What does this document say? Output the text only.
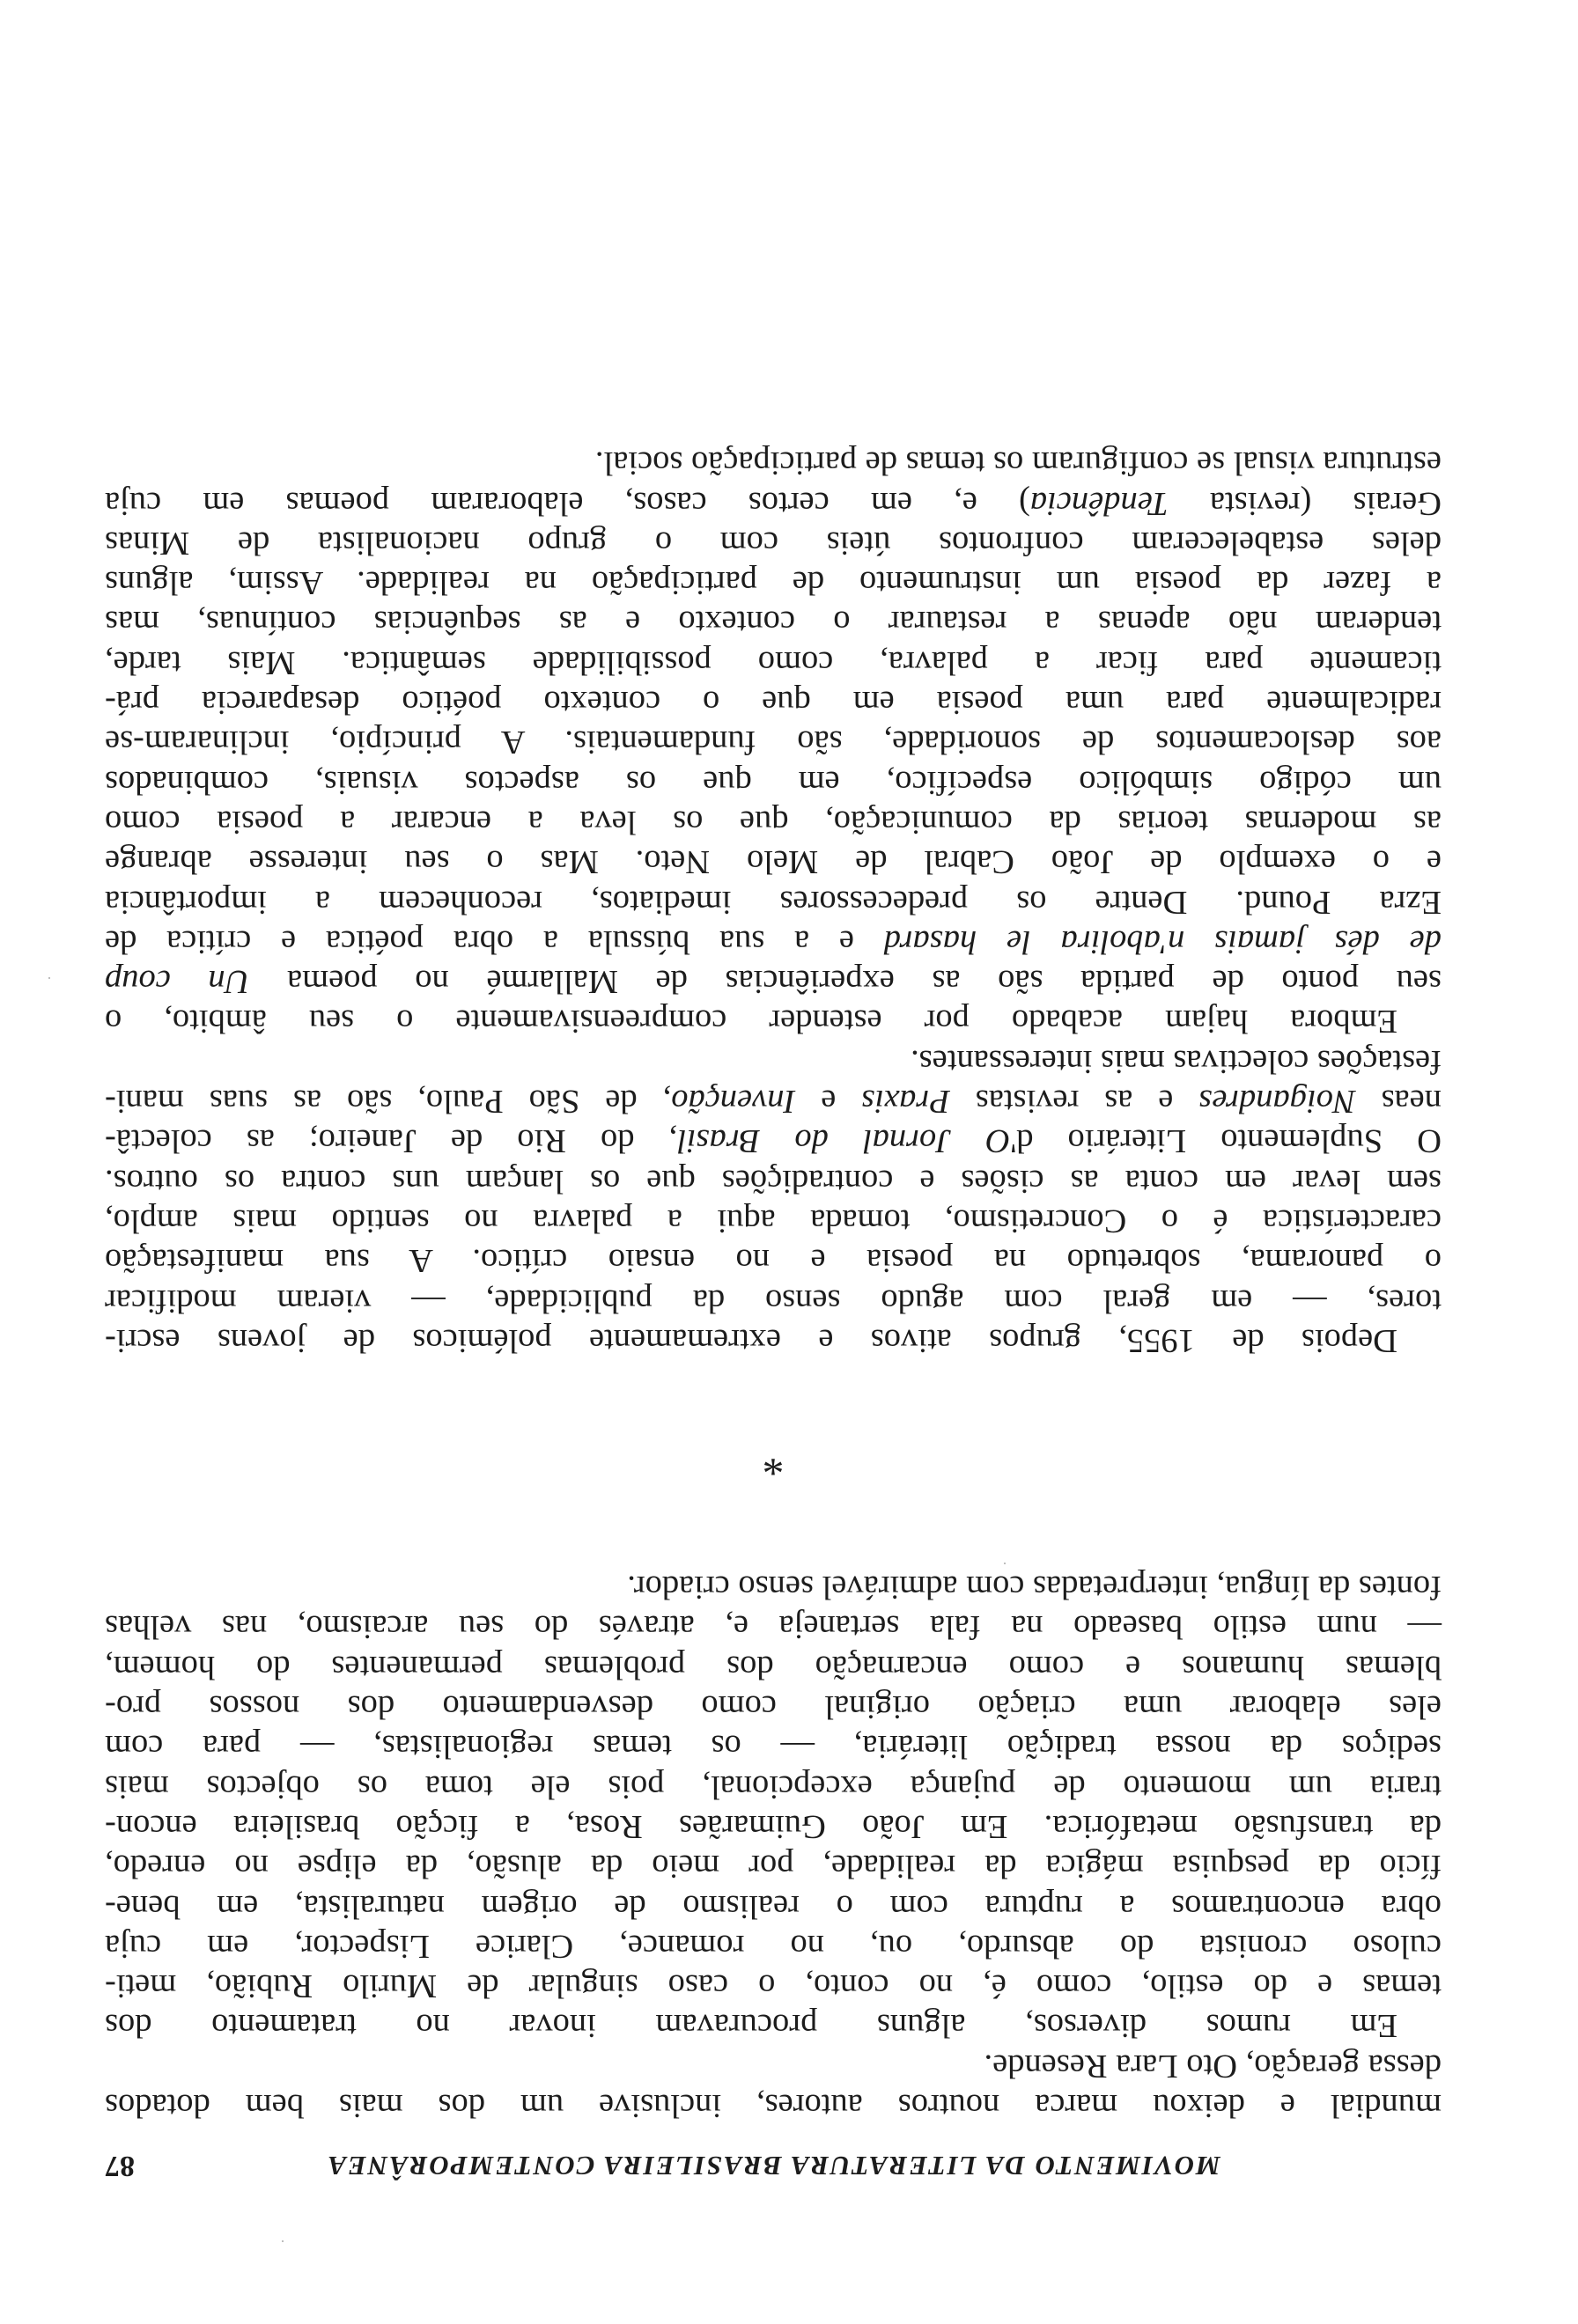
MOVIMENTO DA LITERATURA BRASILEIRA CONTEMPORÂNEA
87
mundial e deixou marca noutros autores, inclusive um dos mais bem dotados
dessa geração, Oto Lara Resende.
Em rumos diversos, alguns procuravam inovar no tratamento dos
temas e do estilo, como é, no conto, o caso singular de Murilo Rubião, meti-
culoso cronista do absurdo, ou, no romance, Clarice Lispector, em cuja
obra encontramos a ruptura com o realismo de origem naturalista, em bene-
fício da pesquisa mágica da realidade, por meio da alusão, da elipse no enredo,
da transfusão metafórica. Em João Guimarães Rosa, a ficção brasileira encon-
traria um momento de pujança excepcional, pois ele toma os objectos mais
sediços da nossa tradição literária, — os temas regionalistas, — para com
eles elaborar uma criação original como desvendamento dos nossos pro-
blemas humanos e como encarnação dos problemas permanentes do homem,
— num estilo baseado na fala sertaneja e, através do seu arcaismo, nas velhas
fontes da língua, interpretadas com admirável senso criador.
*
Depois de 1955, grupos ativos e extremamente polémicos de jovens escri-
tores, — em geral com agudo senso da publicidade, — vieram modificar
o panorama, sobretudo na poesia e no ensaio crítico. A sua manifestação
característica é o Concretismo, tomada aqui a palavra no sentido mais amplo,
sem levar em conta as cisões e contradições que os lançam uns contra os outros.
O Suplemento Literário d'O Jornal do Brasil, do Rio de Janeiro; as colectâ-
neas Noigandres e as revistas Praxis e Invenção, de São Paulo, são as suas mani-
festações colectivas mais interessantes.
Embora hajam acabado por estender compreensivamente o seu âmbito, o
seu ponto de partida são as experiências de Mallarmé no poema Un coup
de dés jamais n'abolira le hasard e a sua bússula a obra poética e crítica de
Ezra Pound. Dentre os predecessores imediatos, reconhecem a importância
e o exemplo de João Cabral de Melo Neto. Mas o seu interesse abrange
as modernas teorias da comunicação, que os leva a encarar a poesia como
um código simbólico específico, em que os aspectos visuais, combinados
aos deslocamentos de sonoridade, são fundamentais. A princípio, inclinaram-se
radicalmente para uma poesia em que o contexto poético desaparecia prá-
ticamente para ficar a palavra, como possibilidade semântica. Mais tarde,
tenderam não apenas a restaurar o contexto e as sequências contínuas, mas
a fazer da poesia um instrumento de participação na realidade. Assim, alguns
deles estabeleceram confrontos úteis com o grupo nacionalista de Minas
Gerais (revista Tendência) e, em certos casos, elaboraram poemas em cuja
estrutura visual se configuram os temas de participação social.
